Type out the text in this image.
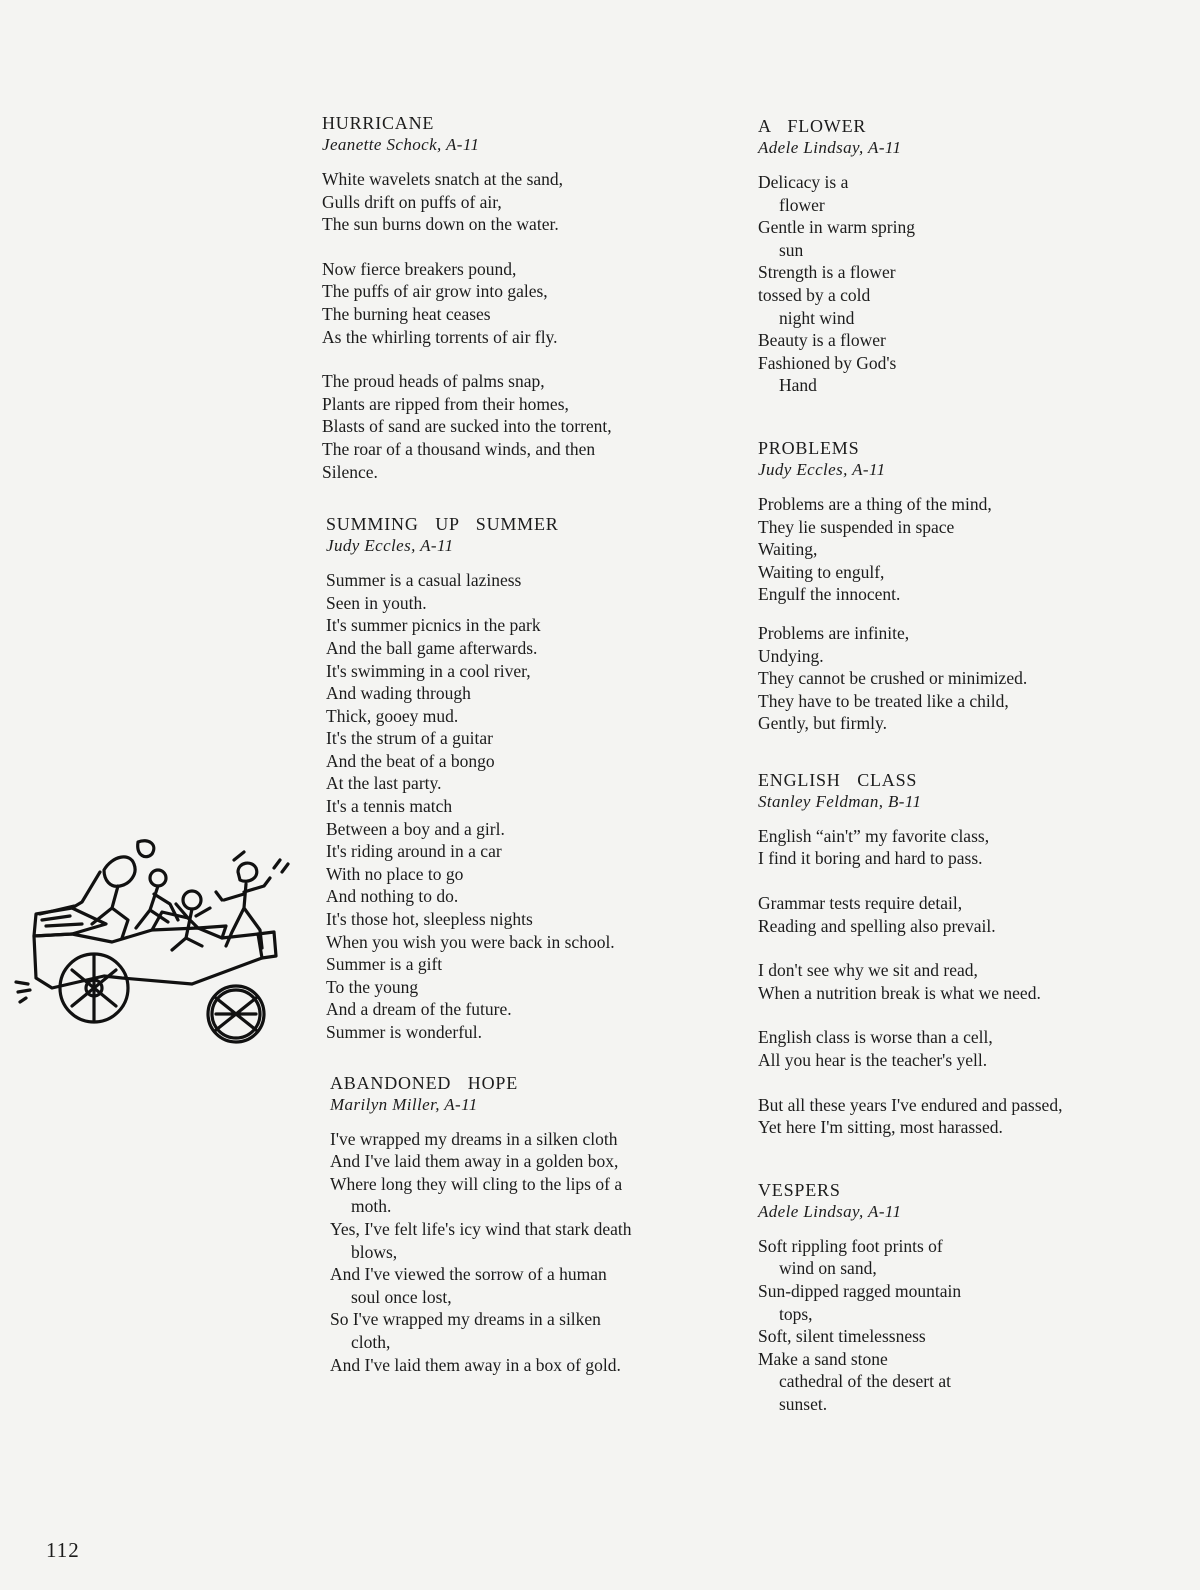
HURRICANE
Jeanette Schock, A-11
White wavelets snatch at the sand,
Gulls drift on puffs of air,
The sun burns down on the water.
Now fierce breakers pound,
The puffs of air grow into gales,
The burning heat ceases
As the whirling torrents of air fly.
The proud heads of palms snap,
Plants are ripped from their homes,
Blasts of sand are sucked into the torrent,
The roar of a thousand winds, and then
Silence.
SUMMING  UP  SUMMER
Judy Eccles, A-11
Summer is a casual laziness
Seen in youth.
It's summer picnics in the park
And the ball game afterwards.
It's swimming in a cool river,
And wading through
Thick, gooey mud.
It's the strum of a guitar
And the beat of a bongo
At the last party.
It's a tennis match
Between a boy and a girl.
It's riding around in a car
With no place to go
And nothing to do.
It's those hot, sleepless nights
When you wish you were back in school.
Summer is a gift
To the young
And a dream of the future.
Summer is wonderful.
ABANDONED  HOPE
Marilyn Miller, A-11
I've wrapped my dreams in a silken cloth
And I've laid them away in a golden box,
Where long they will cling to the lips of a
moth.
Yes, I've felt life's icy wind that stark death
blows,
And I've viewed the sorrow of a human
soul once lost,
So I've wrapped my dreams in a silken
cloth,
And I've laid them away in a box of gold.
A  FLOWER
Adele Lindsay, A-11
Delicacy is a
flower
Gentle in warm spring
sun
Strength is a flower
tossed by a cold
night wind
Beauty is a flower
Fashioned by God's
Hand
PROBLEMS
Judy Eccles, A-11
Problems are a thing of the mind,
They lie suspended in space
Waiting,
Waiting to engulf,
Engulf the innocent.
Problems are infinite,
Undying.
They cannot be crushed or minimized.
They have to be treated like a child,
Gently, but firmly.
ENGLISH  CLASS
Stanley Feldman, B-11
English “ain't” my favorite class,
I find it boring and hard to pass.
Grammar tests require detail,
Reading and spelling also prevail.
I don't see why we sit and read,
When a nutrition break is what we need.
English class is worse than a cell,
All you hear is the teacher's yell.
But all these years I've endured and passed,
Yet here I'm sitting, most harassed.
VESPERS
Adele Lindsay, A-11
Soft rippling foot prints of
wind on sand,
Sun-dipped ragged mountain
tops,
Soft, silent timelessness
Make a sand stone
cathedral of the desert at
sunset.
112
